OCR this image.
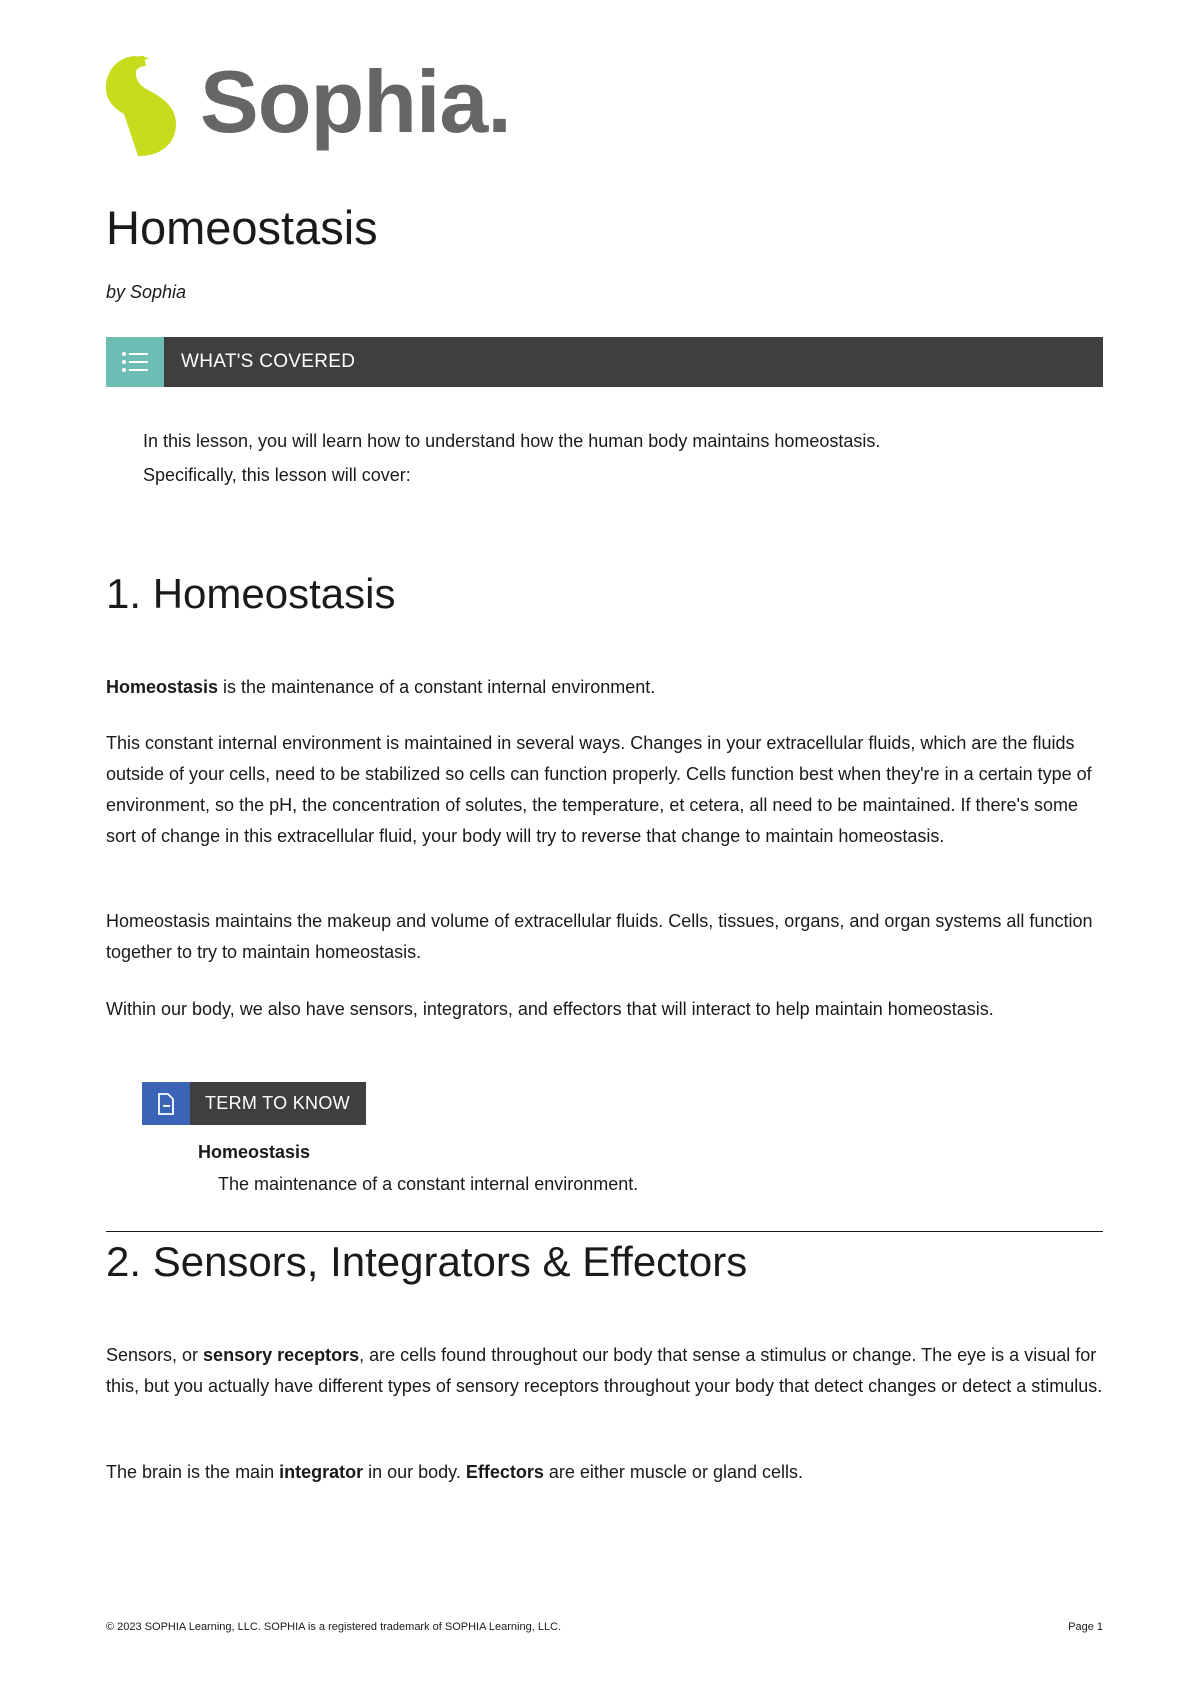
Sophia.
Homeostasis
by Sophia
WHAT'S COVERED
In this lesson, you will learn how to understand how the human body maintains homeostasis.
Specifically, this lesson will cover:
1. Homeostasis

Homeostasis is the maintenance of a constant internal environment.

This constant internal environment is maintained in several ways. Changes in your extracellular fluids, which are the fluids outside of your cells, need to be stabilized so cells can function properly. Cells function best when they're in a certain type of environment, so the pH, the concentration of solutes, the temperature, et cetera, all need to be maintained. If there's some sort of change in this extracellular fluid, your body will try to reverse that change to maintain homeostasis.

Homeostasis maintains the makeup and volume of extracellular fluids. Cells, tissues, organs, and organ systems all function together to try to maintain homeostasis.

Within our body, we also have sensors, integrators, and effectors that will interact to help maintain homeostasis.

TERM TO KNOW
Homeostasis
The maintenance of a constant internal environment.
2. Sensors, Integrators & Effectors

Sensors, or sensory receptors, are cells found throughout our body that sense a stimulus or change. The eye is a visual for this, but you actually have different types of sensory receptors throughout your body that detect changes or detect a stimulus.

The brain is the main integrator in our body. Effectors are either muscle or gland cells.

© 2023 SOPHIA Learning, LLC. SOPHIA is a registered trademark of SOPHIA Learning, LLC.	Page 1
